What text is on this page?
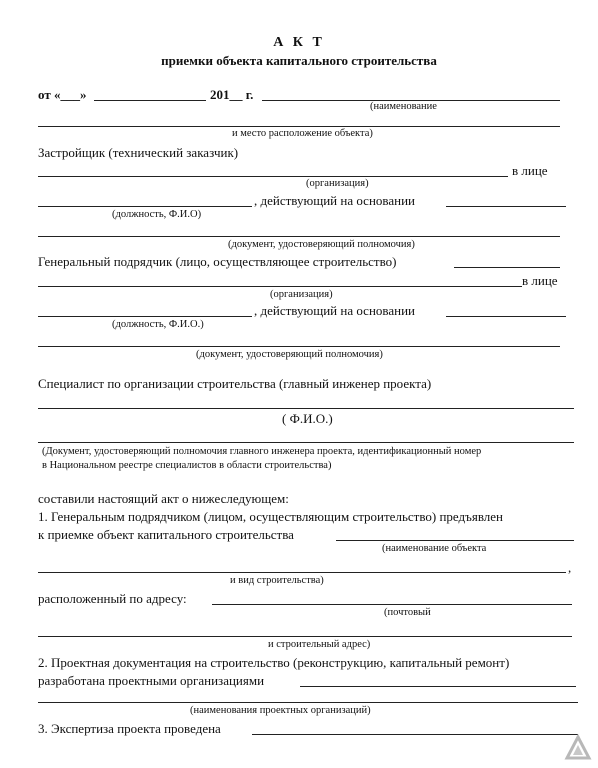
А К Т
приемки объекта капитального строительства
от «___»	201__ г.
(наименование
и место расположение объекта)
Застройщик (технический заказчик)
в лице
(организация)
, действующий на основании
(должность, Ф.И.О)
(документ, удостоверяющий полномочия)
Генеральный подрядчик (лицо, осуществляющее строительство)
в лице
(организация)
, действующий на основании
(должность, Ф.И.О.)
(документ, удостоверяющий полномочия)
Специалист по организации строительства (главный инженер проекта)
( Ф.И.О.)
(Документ, удостоверяющий полномочия главного инженера проекта, идентификационный номер
в Национальном реестре специалистов в области строительства)
составили настоящий акт о нижеследующем:
1. Генеральным подрядчиком (лицом, осуществляющим строительство) предъявлен
к приемке объект капитального строительства
(наименование объекта
,
и вид строительства)
расположенный по адресу:
(почтовый
и строительный адрес)
2. Проектная документация на строительство (реконструкцию, капитальный ремонт)
разработана проектными организациями
(наименования проектных организаций)
3. Экспертиза проекта проведена
